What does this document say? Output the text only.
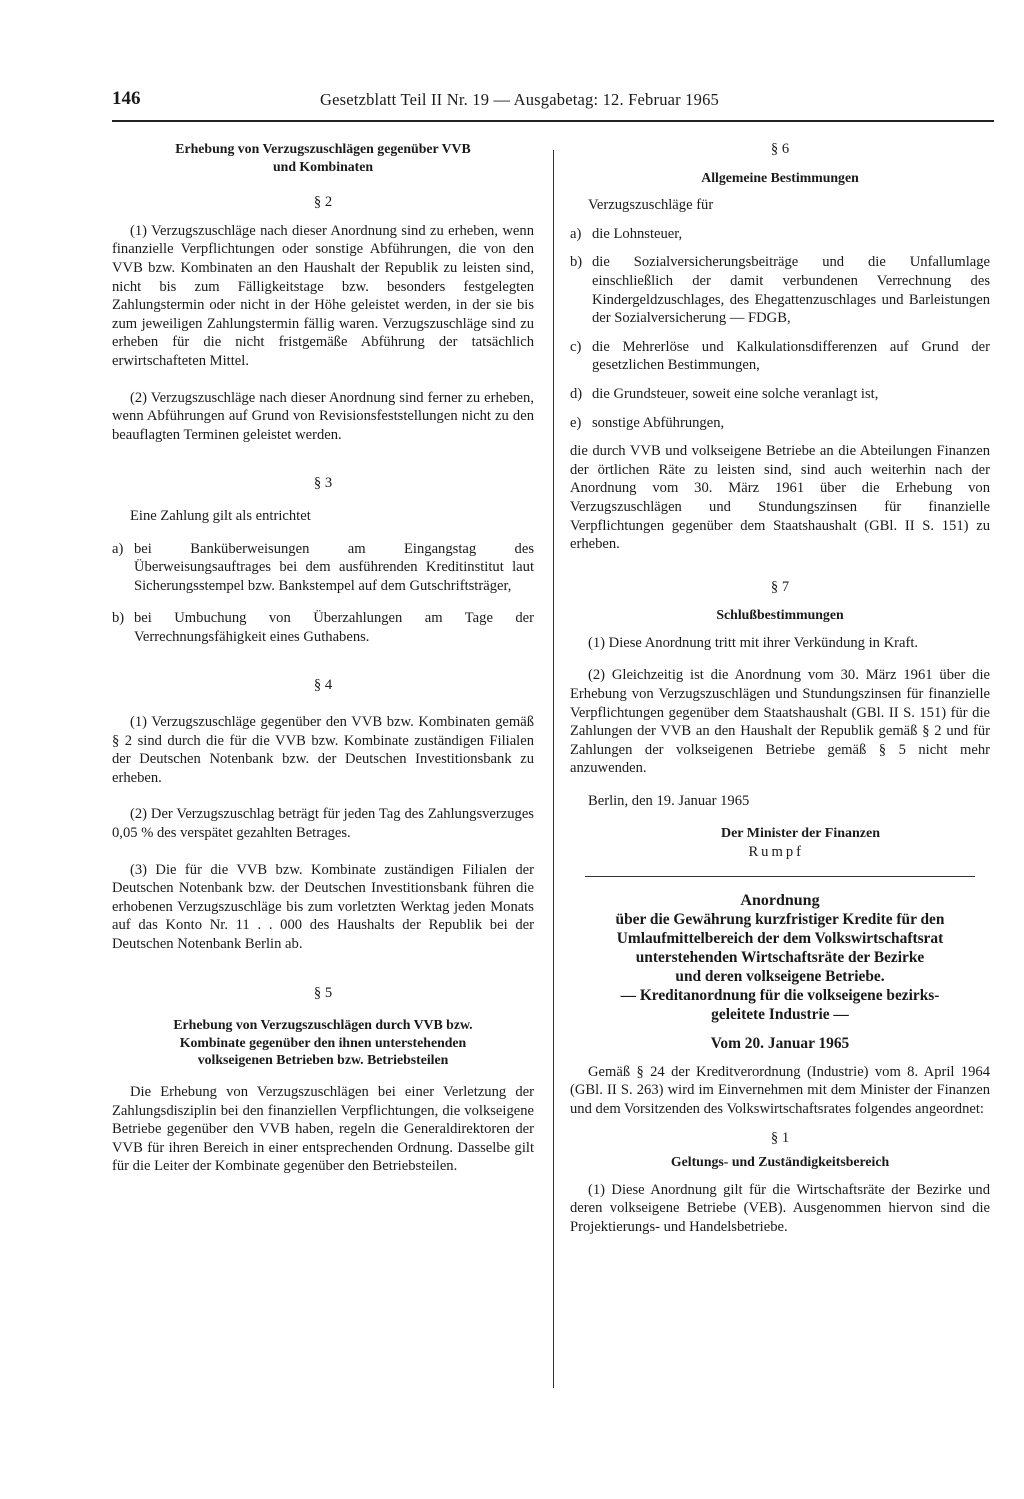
146	Gesetzblatt Teil II Nr. 19 — Ausgabetag: 12. Februar 1965
Erhebung von Verzugszuschlägen gegenüber VVB
und Kombinaten

§ 2

(1) Verzugszuschläge nach dieser Anordnung sind zu erheben, wenn finanzielle Verpflichtungen oder sonstige Abführungen, die von den VVB bzw. Kombinaten an den Haushalt der Republik zu leisten sind, nicht bis zum Fälligkeitstage bzw. besonders festgelegten Zahlungstermin oder nicht in der Höhe geleistet werden, in der sie bis zum jeweiligen Zahlungstermin fällig waren. Verzugszuschläge sind zu erheben für die nicht fristgemäße Abführung der tatsächlich erwirtschafteten Mittel.

(2) Verzugszuschläge nach dieser Anordnung sind ferner zu erheben, wenn Abführungen auf Grund von Revisionsfeststellungen nicht zu den beauflagten Terminen geleistet werden.

§ 3

Eine Zahlung gilt als entrichtet

a) bei Banküberweisungen am Eingangstag des Überweisungsauftrages bei dem ausführenden Kreditinstitut laut Sicherungsstempel bzw. Bankstempel auf dem Gutschriftsträger,
b) bei Umbuchung von Überzahlungen am Tage der Verrechnungsfähigkeit eines Guthabens.

§ 4

(1) Verzugszuschläge gegenüber den VVB bzw. Kombinaten gemäß § 2 sind durch die für die VVB bzw. Kombinate zuständigen Filialen der Deutschen Notenbank bzw. der Deutschen Investitionsbank zu erheben.

(2) Der Verzugszuschlag beträgt für jeden Tag des Zahlungsverzuges 0,05 % des verspätet gezahlten Betrages.

(3) Die für die VVB bzw. Kombinate zuständigen Filialen der Deutschen Notenbank bzw. der Deutschen Investitionsbank führen die erhobenen Verzugszuschläge bis zum vorletzten Werktag jeden Monats auf das Konto Nr. 11 . . 000 des Haushalts der Republik bei der Deutschen Notenbank Berlin ab.

§ 5

Erhebung von Verzugszuschlägen durch VVB bzw.
Kombinate gegenüber den ihnen unterstehenden
volkseigenen Betrieben bzw. Betriebsteilen

Die Erhebung von Verzugszuschlägen bei einer Verletzung der Zahlungsdisziplin bei den finanziellen Verpflichtungen, die volkseigene Betriebe gegenüber den VVB haben, regeln die Generaldirektoren der VVB für ihren Bereich in einer entsprechenden Ordnung. Dasselbe gilt für die Leiter der Kombinate gegenüber den Betriebsteilen.

§ 6

Allgemeine Bestimmungen

Verzugszuschläge für

a) die Lohnsteuer,
b) die Sozialversicherungsbeiträge und die Unfallumlage einschließlich der damit verbundenen Verrechnung des Kindergeldzuschlages, des Ehegattenzuschlages und Barleistungen der Sozialversicherung — FDGB,
c) die Mehrerlöse und Kalkulationsdifferenzen auf Grund der gesetzlichen Bestimmungen,
d) die Grundsteuer, soweit eine solche veranlagt ist,
e) sonstige Abführungen,

die durch VVB und volkseigene Betriebe an die Abteilungen Finanzen der örtlichen Räte zu leisten sind, sind auch weiterhin nach der Anordnung vom 30. März 1961 über die Erhebung von Verzugszuschlägen und Stundungszinsen für finanzielle Verpflichtungen gegenüber dem Staatshaushalt (GBl. II S. 151) zu erheben.

§ 7

Schlußbestimmungen

(1) Diese Anordnung tritt mit ihrer Verkündung in Kraft.

(2) Gleichzeitig ist die Anordnung vom 30. März 1961 über die Erhebung von Verzugszuschlägen und Stundungszinsen für finanzielle Verpflichtungen gegenüber dem Staatshaushalt (GBl. II S. 151) für die Zahlungen der VVB an den Haushalt der Republik gemäß § 2 und für Zahlungen der volkseigenen Betriebe gemäß § 5 nicht mehr anzuwenden.

Berlin, den 19. Januar 1965

Der Minister der Finanzen

Rumpf

Anordnung

über die Gewährung kurzfristiger Kredite für den
Umlaufmittelbereich der dem Volkswirtschaftsrat
unterstehenden Wirtschaftsräte der Bezirke
und deren volkseigene Betriebe.
— Kreditanordnung für die volkseigene bezirks-
geleitete Industrie —

Vom 20. Januar 1965

Gemäß § 24 der Kreditverordnung (Industrie) vom 8. April 1964 (GBl. II S. 263) wird im Einvernehmen mit dem Minister der Finanzen und dem Vorsitzenden des Volkswirtschaftsrates folgendes angeordnet:

§ 1

Geltungs- und Zuständigkeitsbereich

(1) Diese Anordnung gilt für die Wirtschaftsräte der Bezirke und deren volkseigene Betriebe (VEB). Ausgenommen hiervon sind die Projektierungs- und Handelsbetriebe.
